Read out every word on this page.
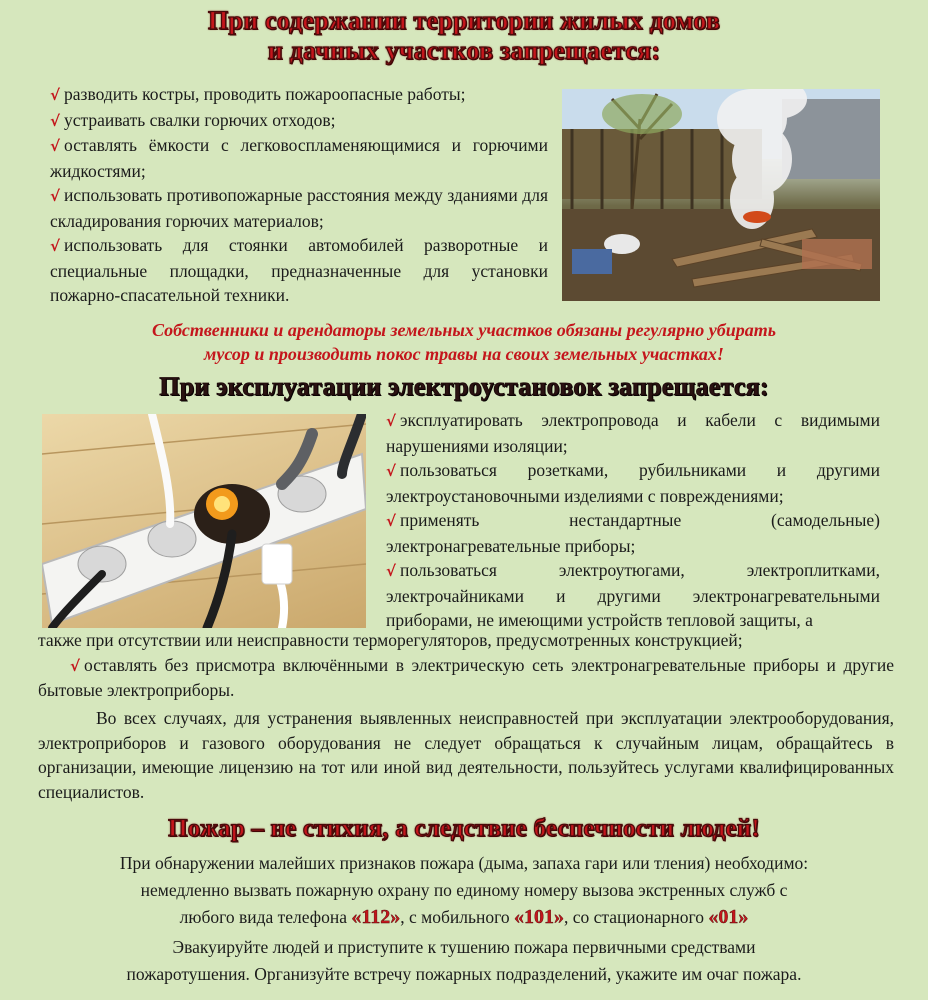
При содержании территории жилых домов
и дачных участков запрещается:
√ разводить костры, проводить пожароопасные работы;
√ устраивать свалки горючих отходов;
√ оставлять ёмкости с легковоспламеняющимися и горючими жидкостями;
√ использовать противопожарные расстояния между зданиями для складирования горючих материалов;
√ использовать для стоянки автомобилей разворотные и специальные площадки, предназначенные для установки пожарно-спасательной техники.
Собственники и арендаторы земельных участков обязаны регулярно убирать
мусор и производить покос травы на своих земельных участках!
При эксплуатации электроустановок запрещается:
√ эксплуатировать электропровода и кабели с видимыми нарушениями изоляции;
√ пользоваться розетками, рубильниками и другими электроустановочными изделиями с повреждениями;
√ применять нестандартные (самодельные) электронагревательные приборы;
√ пользоваться электроутюгами, электроплитками, электрочайниками и другими электронагревательными приборами, не имеющими устройств тепловой защиты, а
также при отсутствии или неисправности терморегуляторов, предусмотренных конструкцией;
√ оставлять без присмотра включёнными в электрическую сеть электронагревательные приборы и другие бытовые электроприборы.
Во всех случаях, для устранения выявленных неисправностей при эксплуатации электрооборудования, электроприборов и газового оборудования не следует обращаться к случайным лицам, обращайтесь в организации, имеющие лицензию на тот или иной вид деятельности, пользуйтесь услугами квалифицированных специалистов.
Пожар – не стихия, а следствие беспечности людей!
При обнаружении малейших признаков пожара (дыма, запаха гари или тления) необходимо:
немедленно вызвать пожарную охрану по единому номеру вызова экстренных служб с
любого вида телефона «112», с мобильного «101», со стационарного «01»
Эвакуируйте людей и приступите к тушению пожара первичными средствами
пожаротушения. Организуйте встречу пожарных подразделений, укажите им очаг пожара.
